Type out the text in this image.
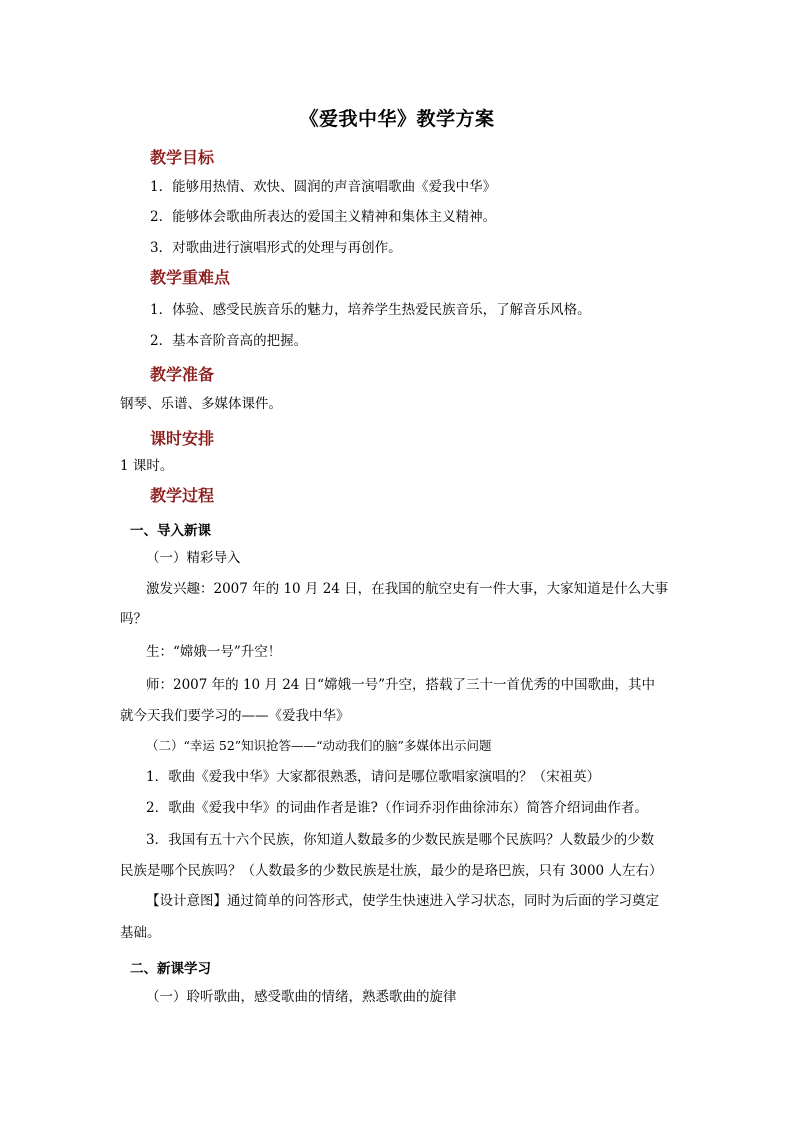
《爱我中华》教学方案
教学目标
1．能够用热情、欢快、圆润的声音演唱歌曲《爱我中华》
2．能够体会歌曲所表达的爱国主义精神和集体主义精神。
3．对歌曲进行演唱形式的处理与再创作。
教学重难点
1．体验、感受民族音乐的魅力，培养学生热爱民族音乐，了解音乐风格。
2．基本音阶音高的把握。
教学准备
钢琴、乐谱、多媒体课件。
课时安排
1 课时。
教学过程
一、导入新课
（一）精彩导入
激发兴趣：2007 年的 10 月 24 日，在我国的航空史有一件大事，大家知道是什么大事
吗？
生：“嫦娥一号”升空！
师：2007 年的 10 月 24 日“嫦娥一号”升空，搭载了三十一首优秀的中国歌曲，其中
就今天我们要学习的——《爱我中华》
（二）“幸运 52”知识抢答——“动动我们的脑”多媒体出示问题
1．歌曲《爱我中华》大家都很熟悉，请问是哪位歌唱家演唱的？（宋祖英）
2．歌曲《爱我中华》的词曲作者是谁?（作词乔羽作曲徐沛东）简答介绍词曲作者。
3．我国有五十六个民族，你知道人数最多的少数民族是哪个民族吗？人数最少的少数
民族是哪个民族吗？（人数最多的少数民族是壮族，最少的是珞巴族，只有 3000 人左右）
【设计意图】通过简单的问答形式，使学生快速进入学习状态，同时为后面的学习奠定
基础。
二、新课学习
（一）聆听歌曲，感受歌曲的情绪，熟悉歌曲的旋律
